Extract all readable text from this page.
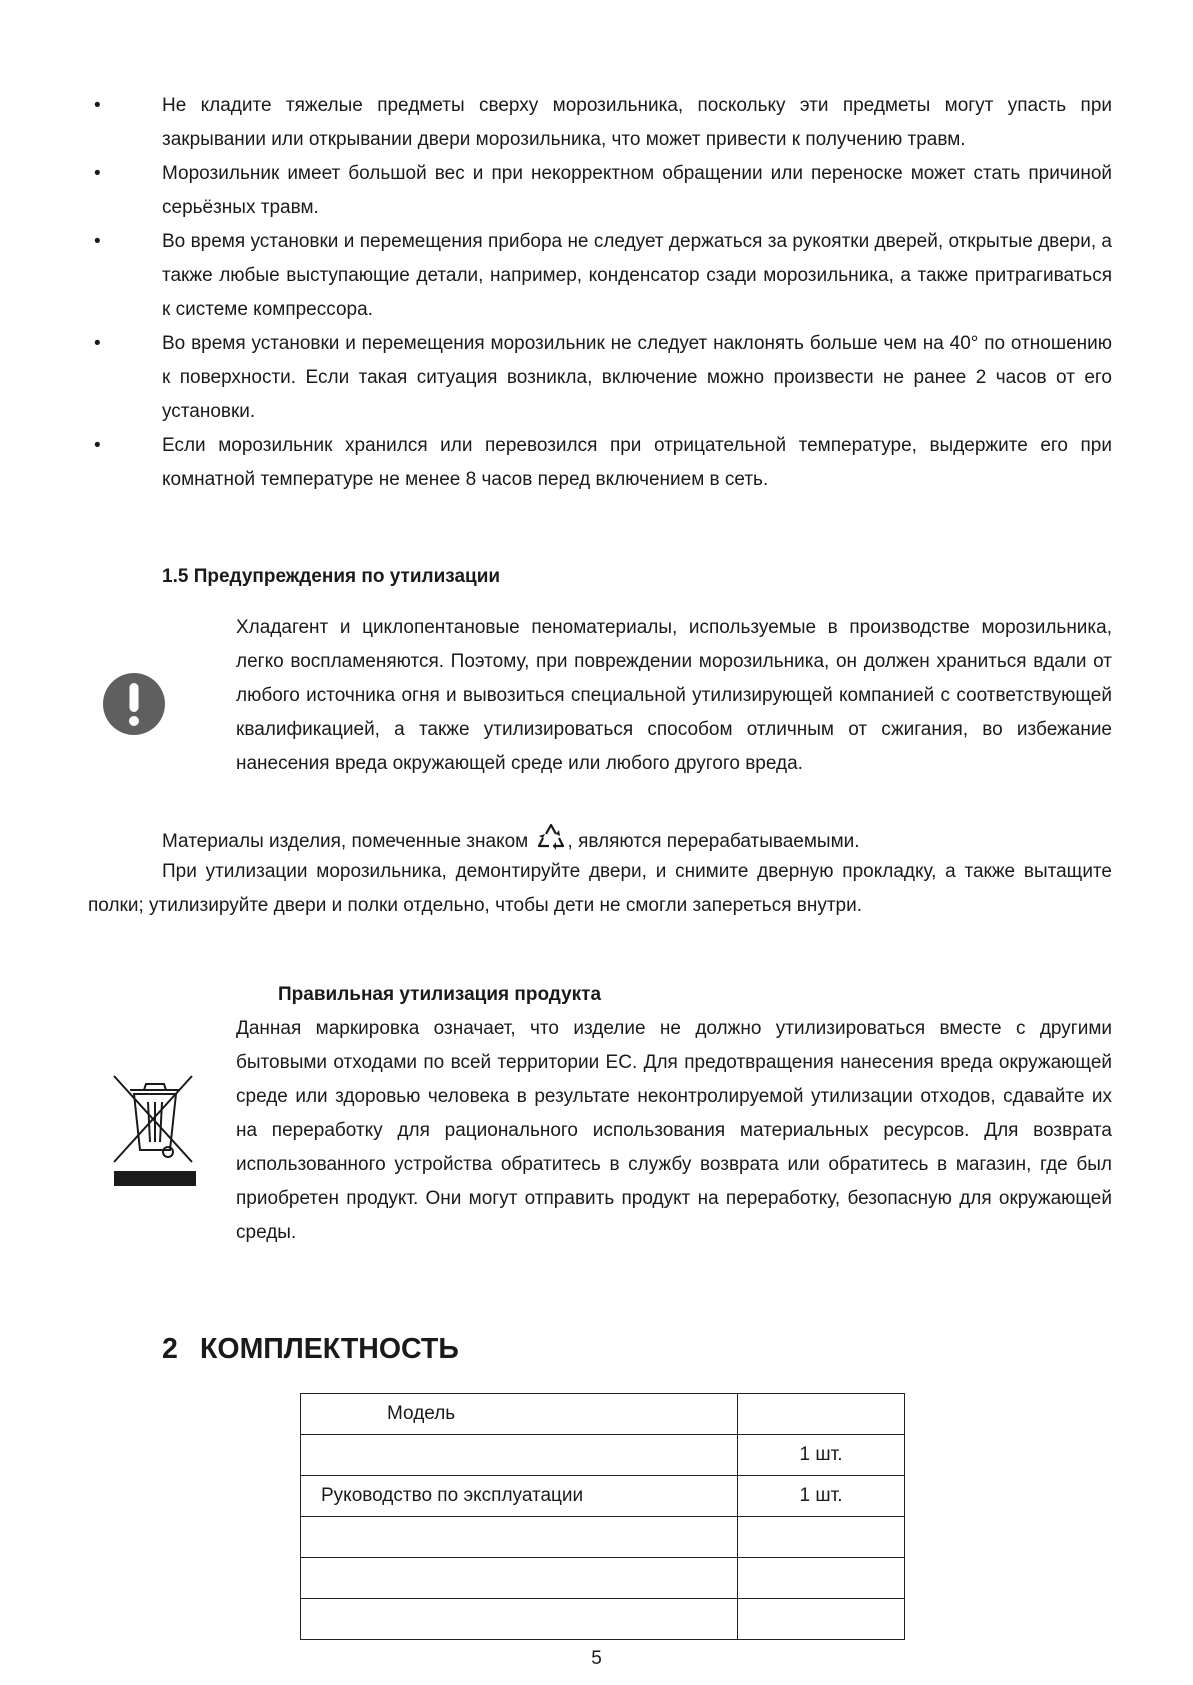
•	Не кладите тяжелые предметы сверху морозильника, поскольку эти предметы могут упасть при закрывании или открывании двери морозильника, что может привести к получению травм.
•	Морозильник имеет большой вес и при некорректном обращении или переноске может стать причиной серьёзных травм.
•	Во время установки и перемещения прибора не следует держаться за рукоятки дверей, открытые двери, а также любые выступающие детали, например, конденсатор сзади морозильника, а также притрагиваться к системе компрессора.
•	Во время установки и перемещения морозильник не следует наклонять больше чем на 40° по отношению к поверхности. Если такая ситуация возникла, включение можно произвести не ранее 2 часов от его установки.
•	Если морозильник хранился или перевозился при отрицательной температуре, выдержите его при комнатной температуре не менее 8 часов перед включением в сеть.
1.5 Предупреждения по утилизации

Хладагент и циклопентановые пеноматериалы, используемые в производстве морозильника, легко воспламеняются. Поэтому, при повреждении морозильника, он должен храниться вдали от любого источника огня и вывозиться специальной утилизирующей компанией с соответствующей квалификацией, а также утилизироваться способом отличным от сжигания, во избежание нанесения вреда окружающей среде или любого другого вреда.

Материалы изделия, помеченные знаком , являются перерабатываемыми.

При утилизации морозильника, демонтируйте двери, и снимите дверную прокладку, а также вытащите полки; утилизируйте двери и полки отдельно, чтобы дети не смогли запереться внутри.

Правильная утилизация продукта

Данная маркировка означает, что изделие не должно утилизироваться вместе с другими бытовыми отходами по всей территории ЕС. Для предотвращения нанесения вреда окружающей среде или здоровью человека в результате неконтролируемой утилизации отходов, сдавайте их на переработку для рационального использования материальных ресурсов. Для возврата использованного устройства обратитесь в службу возврата или обратитесь в магазин, где был приобретен продукт. Они могут отправить продукт на переработку, безопасную для окружающей среды.

2 КОМПЛЕКТНОСТЬ
Модель	
	1 шт.
Руководство по эксплуатации	1 шт.

5
